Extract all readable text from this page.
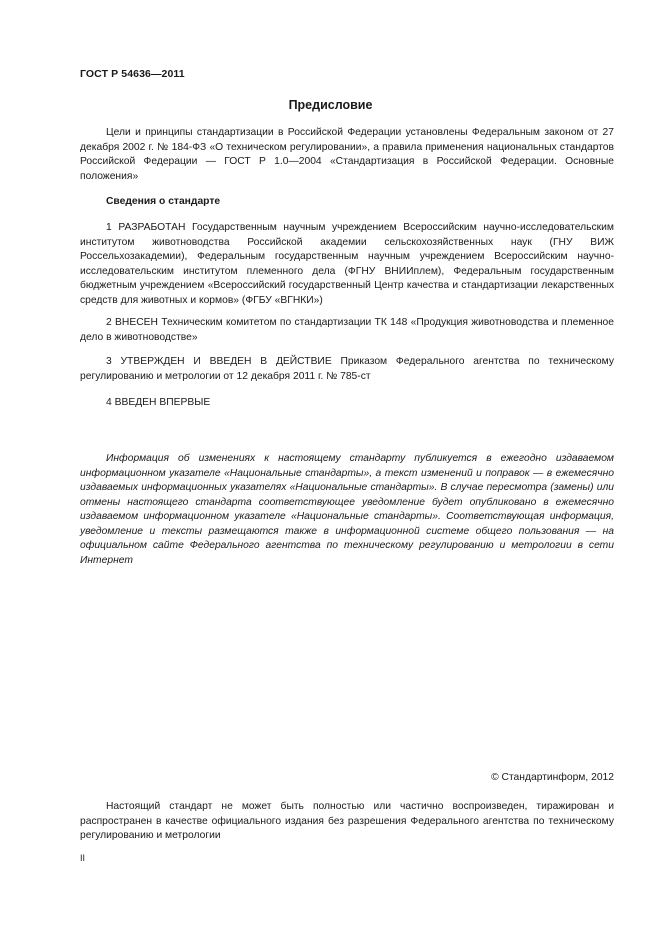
ГОСТ Р 54636—2011
Предисловие

Цели и принципы стандартизации в Российской Федерации установлены Федеральным законом от 27 декабря 2002 г. № 184-ФЗ «О техническом регулировании», а правила применения национальных стандартов Российской Федерации — ГОСТ Р 1.0—2004 «Стандартизация в Российской Федерации. Основные положения»

Сведения о стандарте

1 РАЗРАБОТАН Государственным научным учреждением Всероссийским научно-исследовательским институтом животноводства Российской академии сельскохозяйственных наук (ГНУ ВИЖ Россельхозакадемии), Федеральным государственным научным учреждением Всероссийским научно-исследовательским институтом племенного дела (ФГНУ ВНИИплем), Федеральным государственным бюджетным учреждением «Всероссийский государственный Центр качества и стандартизации лекарственных средств для животных и кормов» (ФГБУ «ВГНКИ»)

2 ВНЕСЕН Техническим комитетом по стандартизации ТК 148 «Продукция животноводства и племенное дело в животноводстве»

3 УТВЕРЖДЕН И ВВЕДЕН В ДЕЙСТВИЕ Приказом Федерального агентства по техническому регулированию и метрологии от 12 декабря 2011 г. № 785-ст

4 ВВЕДЕН ВПЕРВЫЕ

Информация об изменениях к настоящему стандарту публикуется в ежегодно издаваемом информационном указателе «Национальные стандарты», а текст изменений и поправок — в ежемесячно издаваемых информационных указателях «Национальные стандарты». В случае пересмотра (замены) или отмены настоящего стандарта соответствующее уведомление будет опубликовано в ежемесячно издаваемом информационном указателе «Национальные стандарты». Соответствующая информация, уведомление и тексты размещаются также в информационной системе общего пользования — на официальном сайте Федерального агентства по техническому регулированию и метрологии в сети Интернет

© Стандартинформ, 2012

Настоящий стандарт не может быть полностью или частично воспроизведен, тиражирован и распространен в качестве официального издания без разрешения Федерального агентства по техническому регулированию и метрологии

II
